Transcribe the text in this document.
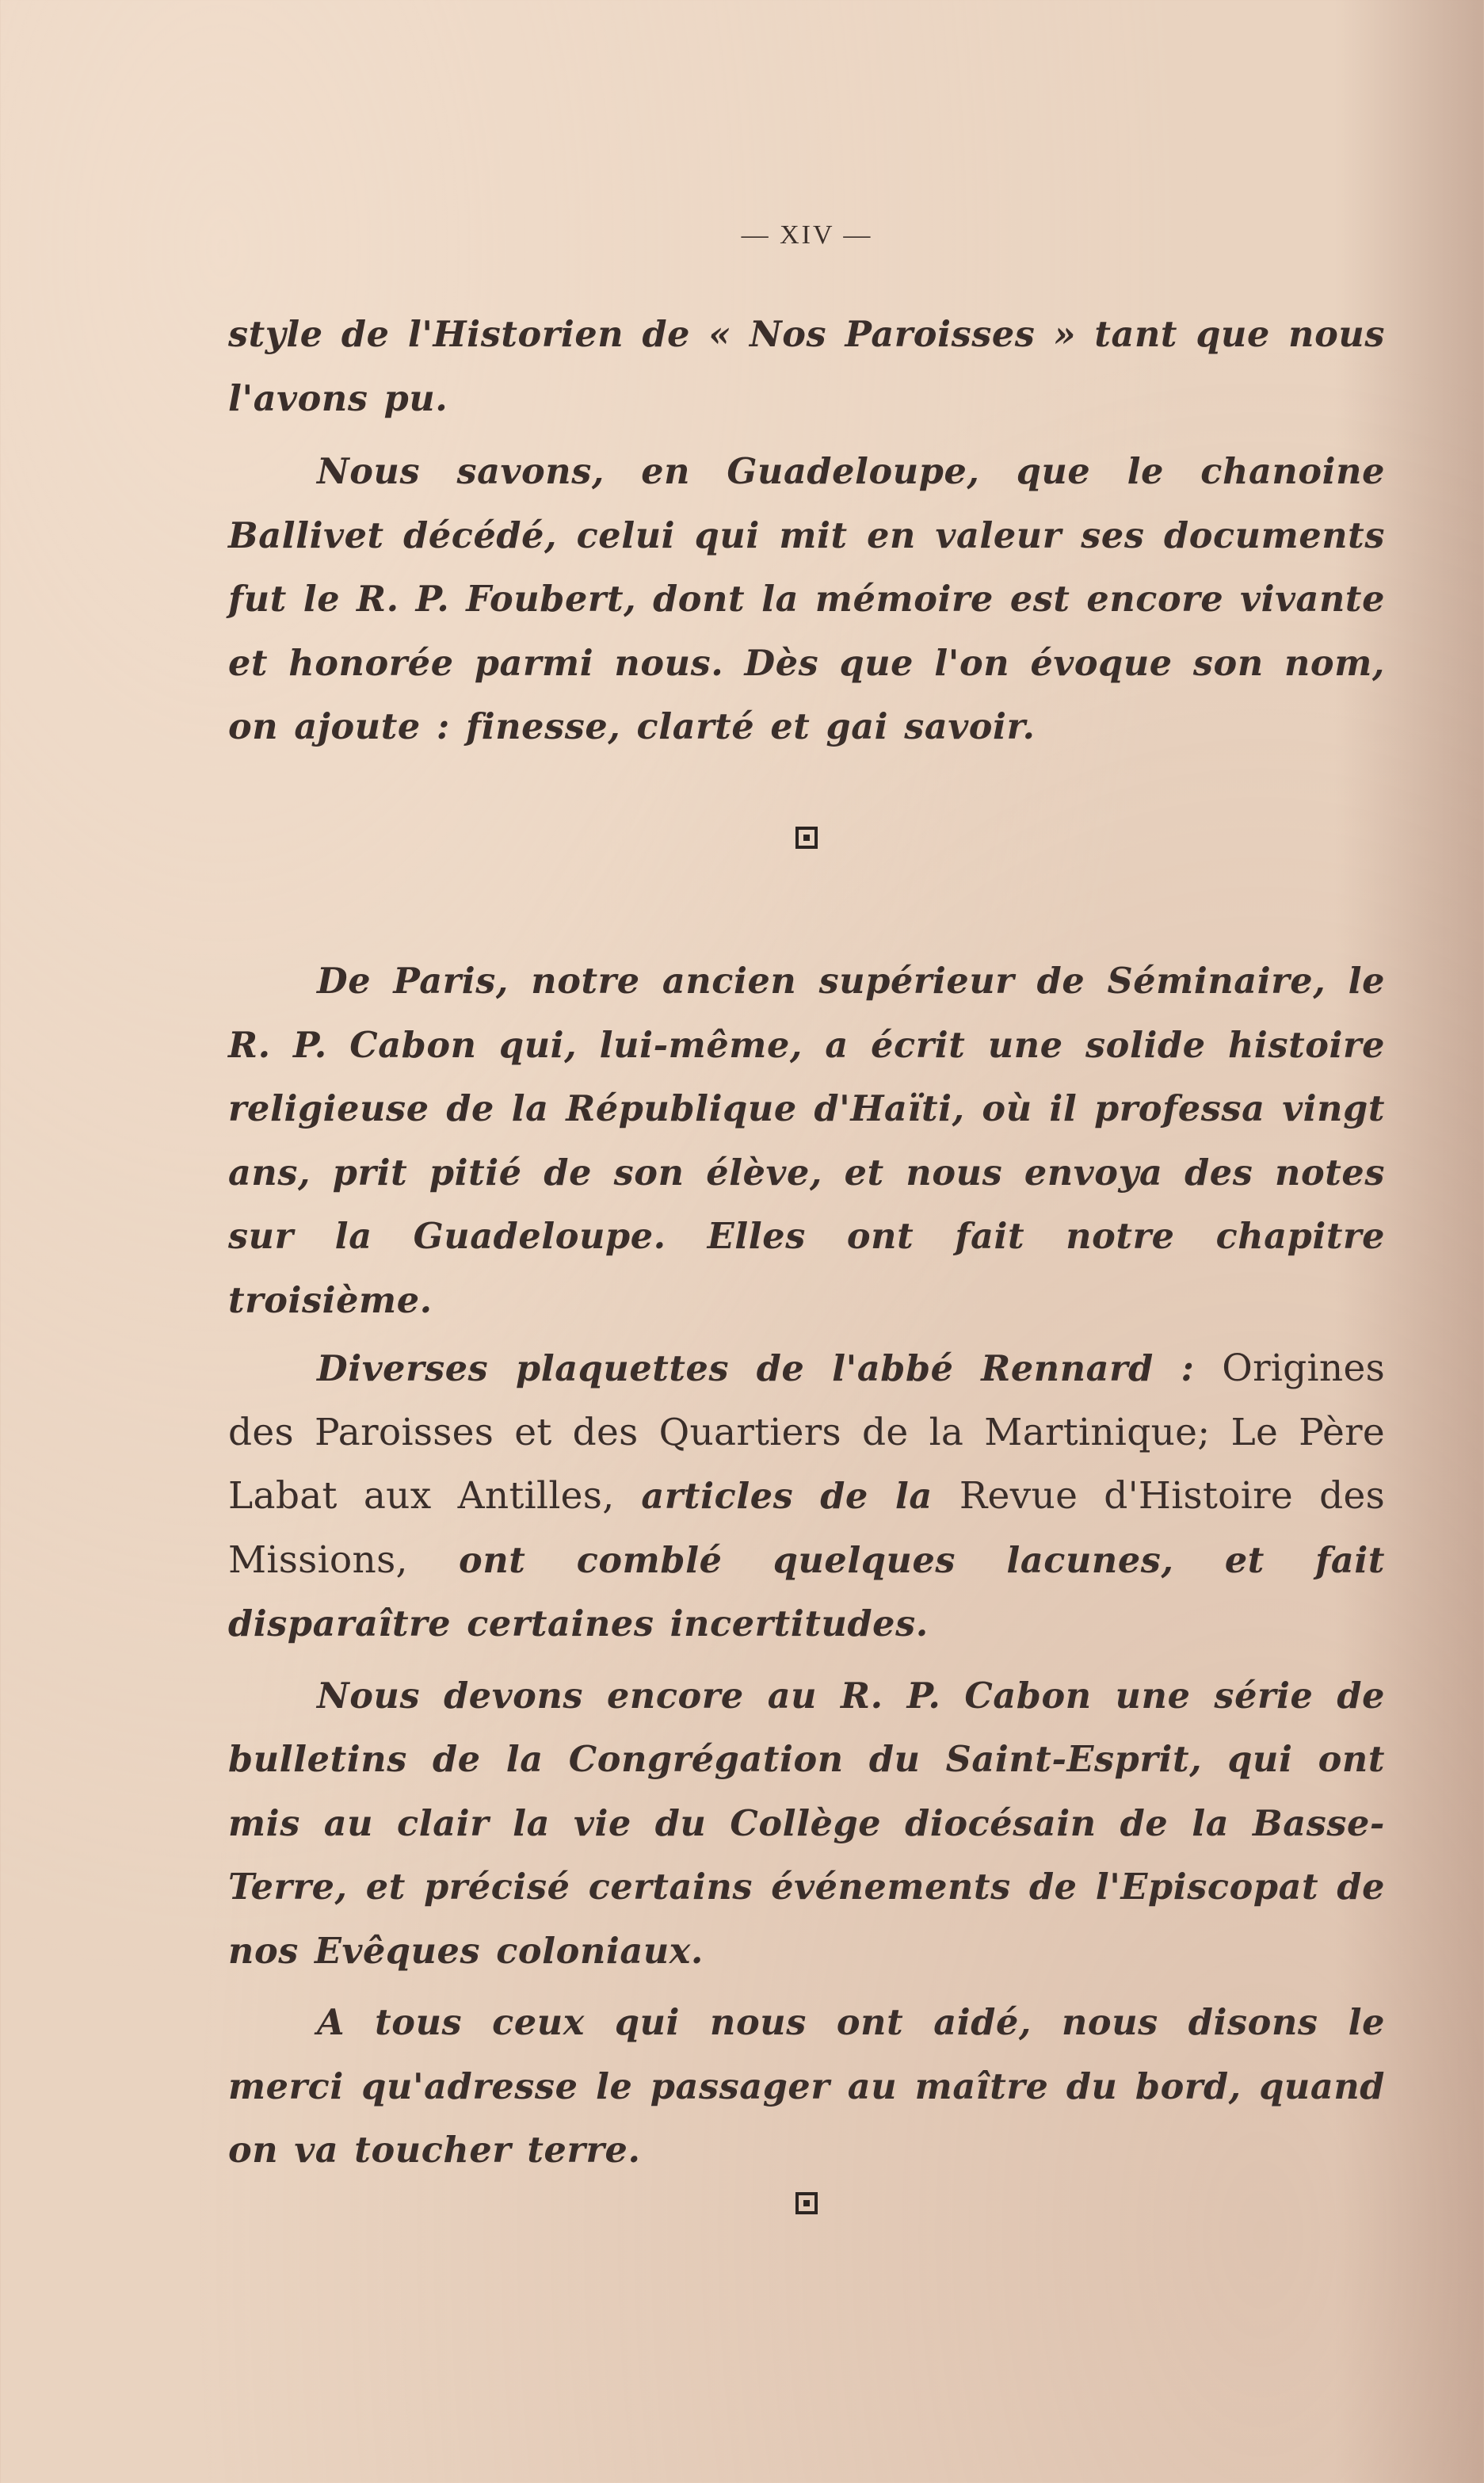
— XIV —

style de l'Historien de « Nos Paroisses » tant que nous l'avons pu.

Nous savons, en Guadeloupe, que le chanoine Ballivet décédé, celui qui mit en valeur ses documents fut le R. P. Foubert, dont la mémoire est encore vivante et honorée parmi nous. Dès que l'on évoque son nom, on ajoute : finesse, clarté et gai savoir.

De Paris, notre ancien supérieur de Séminaire, le R. P. Cabon qui, lui-même, a écrit une solide histoire religieuse de la République d'Haïti, où il professa vingt ans, prit pitié de son élève, et nous envoya des notes sur la Guadeloupe. Elles ont fait notre chapitre troisième.

Diverses plaquettes de l'abbé Rennard : Origines des Paroisses et des Quartiers de la Martinique; Le Père Labat aux Antilles, articles de la Revue d'Histoire des Missions, ont comblé quelques lacunes, et fait disparaître certaines incertitudes.

Nous devons encore au R. P. Cabon une série de bulletins de la Congrégation du Saint-Esprit, qui ont mis au clair la vie du Collège diocésain de la Basse-Terre, et précisé certains événements de l'Episcopat de nos Evêques coloniaux.

A tous ceux qui nous ont aidé, nous disons le merci qu'adresse le passager au maître du bord, quand on va toucher terre.
